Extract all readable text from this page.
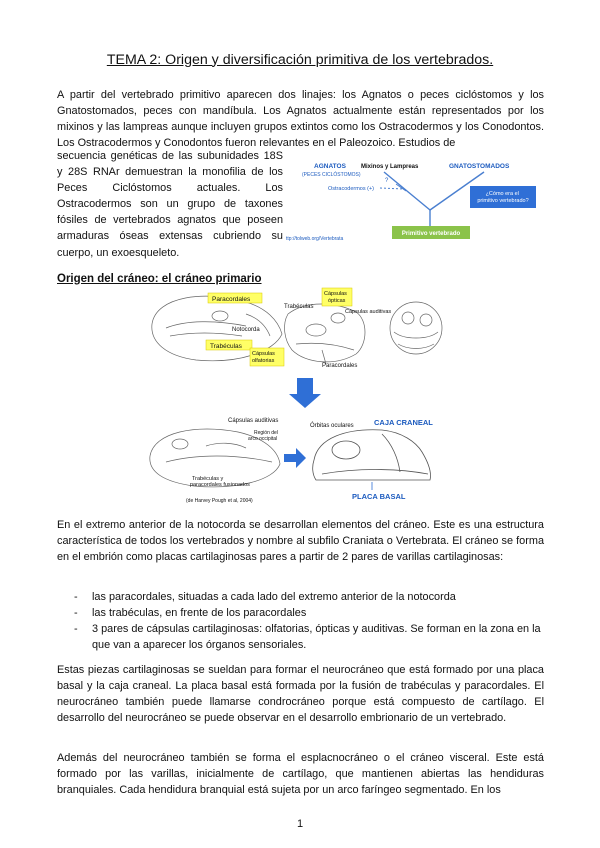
TEMA 2: Origen y diversificación primitiva de los vertebrados.

A partir del vertebrado primitivo aparecen dos linajes: los Agnatos o peces ciclóstomos y los Gnatostomados, peces con mandíbula. Los Agnatos actualmente están representados por los mixinos y las lampreas aunque incluyen grupos extintos como los Ostracodermos y los Conodontos. Los Ostracodermos y Conodontos fueron relevantes en el Paleozoico. Estudios de

secuencia genéticas de las subunidades 18S y 28S RNAr demuestran la monofilia de los Peces Ciclóstomos actuales. Los Ostracodermos son un grupo de taxones fósiles de vertebrados agnatos que poseen armaduras óseas extensas cubriendo su cuerpo, un exoesqueleto.

AGNATOS
(PECES CICLÓSTOMOS)
Mixinos y Lampreas	GNATOSTOMADOS
Ostracodermos (+)
?
¿Cómo era el primitivo vertebrado?
Primitivo vertebrado
ttp://tolweb.org/Vertebrata
Origen del cráneo: el cráneo primario
Paracordales
Trabéculas
Notocorda
Trabéculas
Cápsulas ópticas
Cápsulas auditivas
Cápsulas olfatorias
Paracordales
Cápsulas auditivas
Región del arco occipital
Trabéculas y paracordales fusionados
Órbitas oculares	CAJA CRANEAL
PLACA BASAL
(de Harvey Pough et al, 2004)

En el extremo anterior de la notocorda se desarrollan elementos del cráneo. Este es una estructura característica de todos los vertebrados y nombre al subfilo Craniata o Vertebrata. El cráneo se forma en el embrión como placas cartilaginosas pares a partir de 2 pares de varillas cartilaginosas:

- las paracordales, situadas a cada lado del extremo anterior de la notocorda
- las trabéculas, en frente de los paracordales
- 3 pares de cápsulas cartilaginosas: olfatorias, ópticas y auditivas. Se forman en la zona en la que van a aparecer los órganos sensoriales.

Estas piezas cartilaginosas se sueldan para formar el neurocráneo que está formado por una placa basal y la caja craneal. La placa basal está formada por la fusión de trabéculas y paracordales. El neurocráneo también puede llamarse condrocráneo porque está compuesto de cartílago. El desarrollo del neurocráneo se puede observar en el desarrollo embrionario de un vertebrado.

Además del neurocráneo también se forma el esplacnocráneo o el cráneo visceral. Este está formado por las varillas, inicialmente de cartílago, que mantienen abiertas las hendiduras branquiales. Cada hendidura branquial está sujeta por un arco faríngeo segmentado. En los

1
